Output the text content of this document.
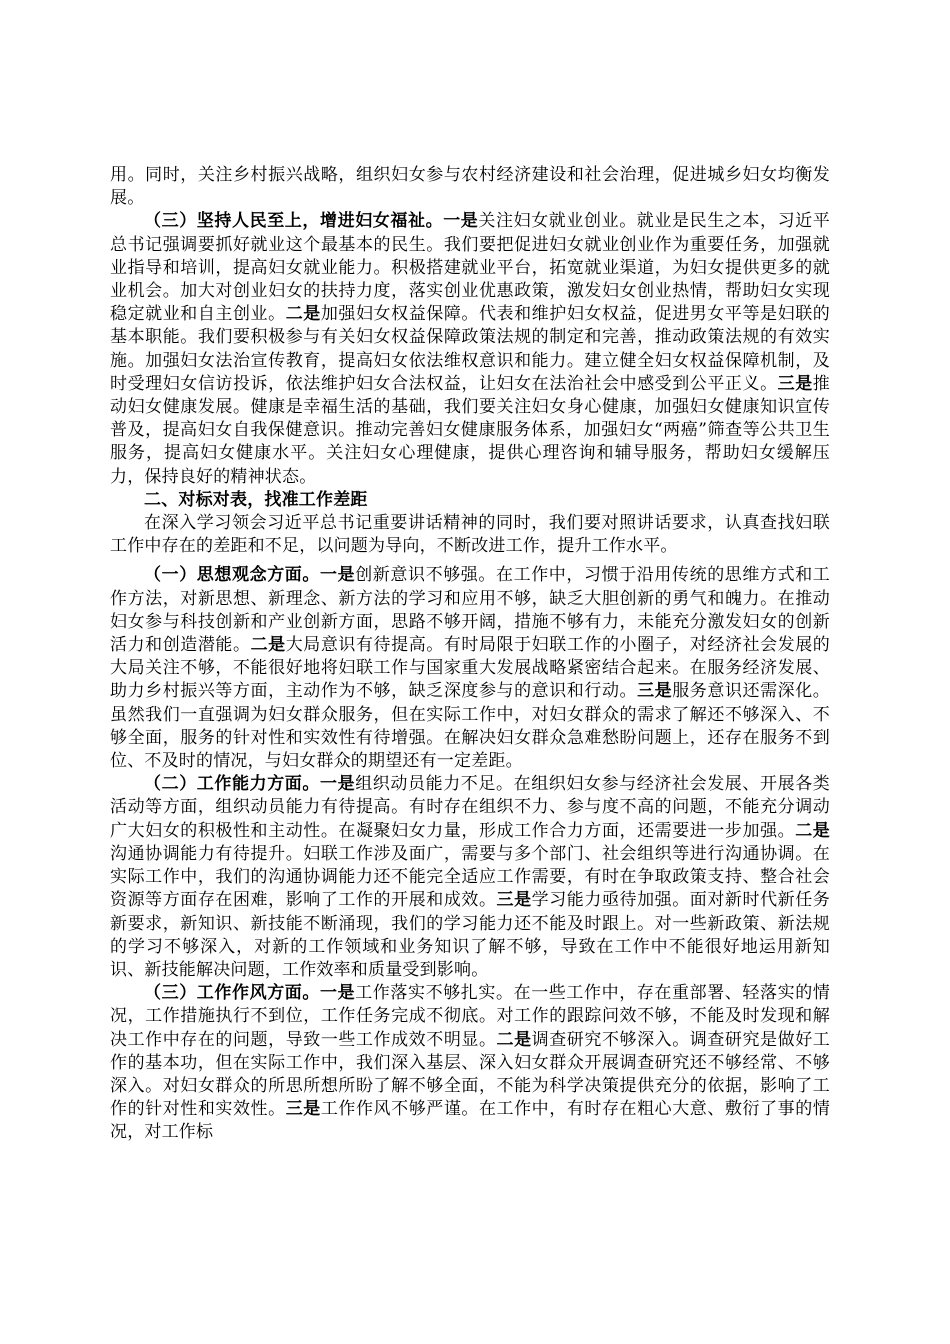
用。同时，关注乡村振兴战略，组织妇女参与农村经济建设和社会治理，促进城乡妇女均衡发展。

（三）坚持人民至上，增进妇女福祉。一是关注妇女就业创业。就业是民生之本，习近平总书记强调要抓好就业这个最基本的民生。我们要把促进妇女就业创业作为重要任务，加强就业指导和培训，提高妇女就业能力。积极搭建就业平台，拓宽就业渠道，为妇女提供更多的就业机会。加大对创业妇女的扶持力度，落实创业优惠政策，激发妇女创业热情，帮助妇女实现稳定就业和自主创业。二是加强妇女权益保障。代表和维护妇女权益，促进男女平等是妇联的基本职能。我们要积极参与有关妇女权益保障政策法规的制定和完善，推动政策法规的有效实施。加强妇女法治宣传教育，提高妇女依法维权意识和能力。建立健全妇女权益保障机制，及时受理妇女信访投诉，依法维护妇女合法权益，让妇女在法治社会中感受到公平正义。三是推动妇女健康发展。健康是幸福生活的基础，我们要关注妇女身心健康，加强妇女健康知识宣传普及，提高妇女自我保健意识。推动完善妇女健康服务体系，加强妇女“两癌”筛查等公共卫生服务，提高妇女健康水平。关注妇女心理健康，提供心理咨询和辅导服务，帮助妇女缓解压力，保持良好的精神状态。

二、对标对表，找准工作差距

在深入学习领会习近平总书记重要讲话精神的同时，我们要对照讲话要求，认真查找妇联工作中存在的差距和不足，以问题为导向，不断改进工作，提升工作水平。

（一）思想观念方面。一是创新意识不够强。在工作中，习惯于沿用传统的思维方式和工作方法，对新思想、新理念、新方法的学习和应用不够，缺乏大胆创新的勇气和魄力。在推动妇女参与科技创新和产业创新方面，思路不够开阔，措施不够有力，未能充分激发妇女的创新活力和创造潜能。二是大局意识有待提高。有时局限于妇联工作的小圈子，对经济社会发展的大局关注不够，不能很好地将妇联工作与国家重大发展战略紧密结合起来。在服务经济发展、助力乡村振兴等方面，主动作为不够，缺乏深度参与的意识和行动。三是服务意识还需深化。虽然我们一直强调为妇女群众服务，但在实际工作中，对妇女群众的需求了解还不够深入、不够全面，服务的针对性和实效性有待增强。在解决妇女群众急难愁盼问题上，还存在服务不到位、不及时的情况，与妇女群众的期望还有一定差距。

（二）工作能力方面。一是组织动员能力不足。在组织妇女参与经济社会发展、开展各类活动等方面，组织动员能力有待提高。有时存在组织不力、参与度不高的问题，不能充分调动广大妇女的积极性和主动性。在凝聚妇女力量，形成工作合力方面，还需要进一步加强。二是沟通协调能力有待提升。妇联工作涉及面广，需要与多个部门、社会组织等进行沟通协调。在实际工作中，我们的沟通协调能力还不能完全适应工作需要，有时在争取政策支持、整合社会资源等方面存在困难，影响了工作的开展和成效。三是学习能力亟待加强。面对新时代新任务新要求，新知识、新技能不断涌现，我们的学习能力还不能及时跟上。对一些新政策、新法规的学习不够深入，对新的工作领域和业务知识了解不够，导致在工作中不能很好地运用新知识、新技能解决问题，工作效率和质量受到影响。

（三）工作作风方面。一是工作落实不够扎实。在一些工作中，存在重部署、轻落实的情况，工作措施执行不到位，工作任务完成不彻底。对工作的跟踪问效不够，不能及时发现和解决工作中存在的问题，导致一些工作成效不明显。二是调查研究不够深入。调查研究是做好工作的基本功，但在实际工作中，我们深入基层、深入妇女群众开展调查研究还不够经常、不够深入。对妇女群众的所思所想所盼了解不够全面，不能为科学决策提供充分的依据，影响了工作的针对性和实效性。三是工作作风不够严谨。在工作中，有时存在粗心大意、敷衍了事的情况，对工作标
